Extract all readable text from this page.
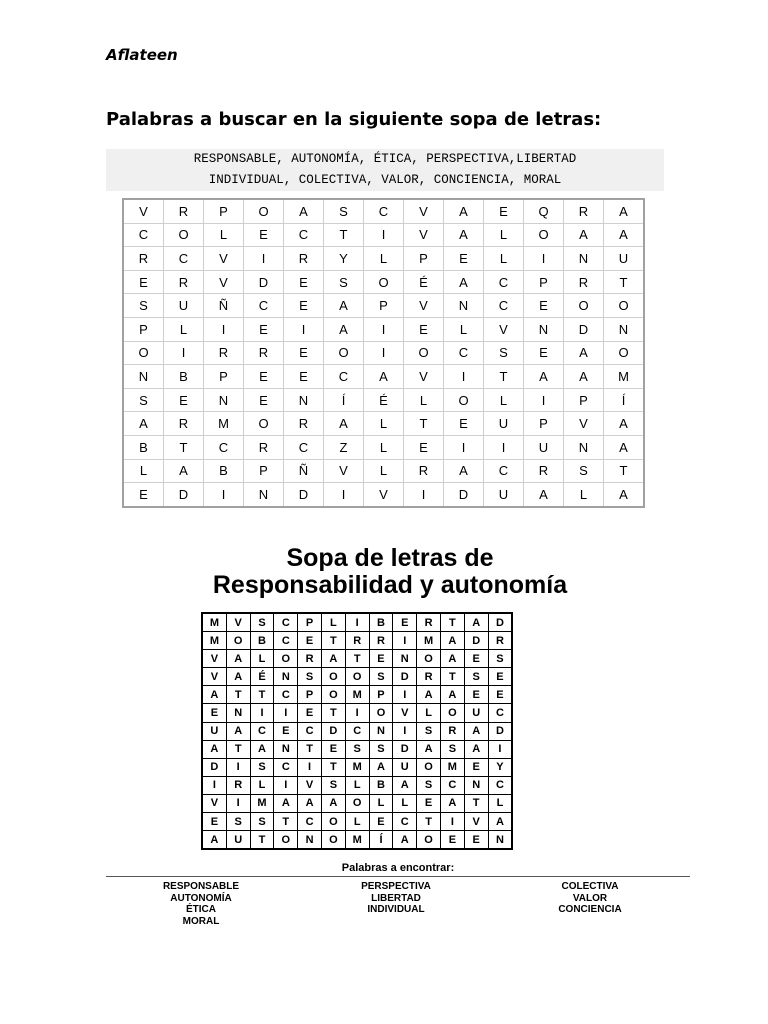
Aflateen
Palabras a buscar en la siguiente sopa de letras:
RESPONSABLE, AUTONOMÍA, ÉTICA, PERSPECTIVA,LIBERTAD
INDIVIDUAL, COLECTIVA, VALOR, CONCIENCIA, MORAL
V	R	P	O	A	S	C	V	A	E	Q	R	A
C	O	L	E	C	T	I	V	A	L	O	A	A
R	C	V	I	R	Y	L	P	E	L	I	N	U
E	R	V	D	E	S	O	É	A	C	P	R	T
S	U	Ñ	C	E	A	P	V	N	C	E	O	O
P	L	I	E	I	A	I	E	L	V	N	D	N
O	I	R	R	E	O	I	O	C	S	E	A	O
N	B	P	E	E	C	A	V	I	T	A	A	M
S	E	N	E	N	Í	É	L	O	L	I	P	Í
A	R	M	O	R	A	L	T	E	U	P	V	A
B	T	C	R	C	Z	L	E	I	I	U	N	A
L	A	B	P	Ñ	V	L	R	A	C	R	S	T
E	D	I	N	D	I	V	I	D	U	A	L	A
Sopa de letras de
Responsabilidad y autonomía
M	V	S	C	P	L	I	B	E	R	T	A	D
M	O	B	C	E	T	R	R	I	M	A	D	R
V	A	L	O	R	A	T	E	N	O	A	E	S
V	A	É	N	S	O	O	S	D	R	T	S	E
A	T	T	C	P	O	M	P	I	A	A	E	E
E	N	I	I	E	T	I	O	V	L	O	U	C
U	A	C	E	C	D	C	N	I	S	R	A	D
A	T	A	N	T	E	S	S	D	A	S	A	I
D	I	S	C	I	T	M	A	U	O	M	E	Y
I	R	L	I	V	S	L	B	A	S	C	N	C
V	I	M	A	A	A	O	L	L	E	A	T	L
E	S	S	T	C	O	L	E	C	T	I	V	A
A	U	T	O	N	O	M	Í	A	O	E	E	N
Palabras a encontrar:
RESPONSABLE
AUTONOMÍA
ÉTICA
MORAL
PERSPECTIVA
LIBERTAD
INDIVIDUAL
COLECTIVA
VALOR
CONCIENCIA
